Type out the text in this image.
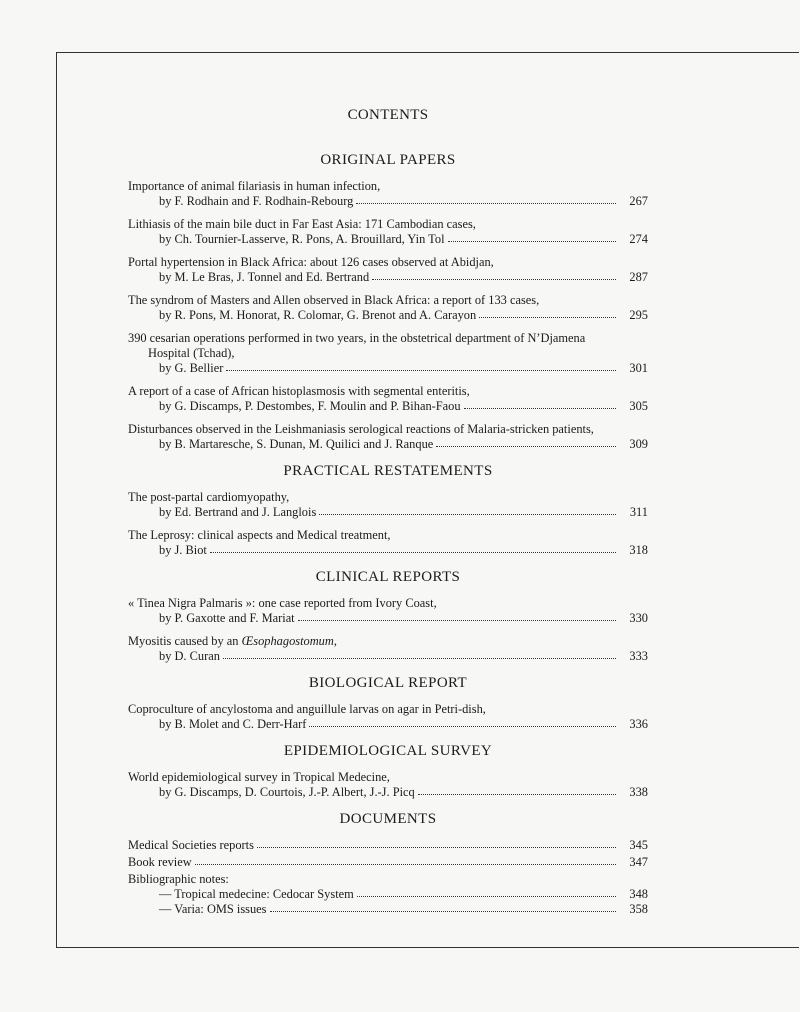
CONTENTS
ORIGINAL PAPERS
Importance of animal filariasis in human infection,
by F. Rodhain and F. Rodhain-Rebourg	267
Lithiasis of the main bile duct in Far East Asia: 171 Cambodian cases,
by Ch. Tournier-Lasserve, R. Pons, A. Brouillard, Yin Tol	274
Portal hypertension in Black Africa: about 126 cases observed at Abidjan,
by M. Le Bras, J. Tonnel and Ed. Bertrand	287
The syndrom of Masters and Allen observed in Black Africa: a report of 133 cases,
by R. Pons, M. Honorat, R. Colomar, G. Brenot and A. Carayon	295
390 cesarian operations performed in two years, in the obstetrical department of N’Djamena
Hospital (Tchad),
by G. Bellier	301
A report of a case of African histoplasmosis with segmental enteritis,
by G. Discamps, P. Destombes, F. Moulin and P. Bihan-Faou	305
Disturbances observed in the Leishmaniasis serological reactions of Malaria-stricken patients,
by B. Martaresche, S. Dunan, M. Quilici and J. Ranque	309
PRACTICAL RESTATEMENTS
The post-partal cardiomyopathy,
by Ed. Bertrand and J. Langlois	311
The Leprosy: clinical aspects and Medical treatment,
by J. Biot	318
CLINICAL REPORTS
« Tinea Nigra Palmaris »: one case reported from Ivory Coast,
by P. Gaxotte and F. Mariat	330
Myositis caused by an Œsophagostomum,
by D. Curan	333
BIOLOGICAL REPORT
Coproculture of ancylostoma and anguillule larvas on agar in Petri-dish,
by B. Molet and C. Derr-Harf	336
EPIDEMIOLOGICAL SURVEY
World epidemiological survey in Tropical Medecine,
by G. Discamps, D. Courtois, J.-P. Albert, J.-J. Picq	338
DOCUMENTS
Medical Societies reports	345
Book review	347
Bibliographic notes:
— Tropical medecine: Cedocar System	348
— Varia: OMS issues	358
